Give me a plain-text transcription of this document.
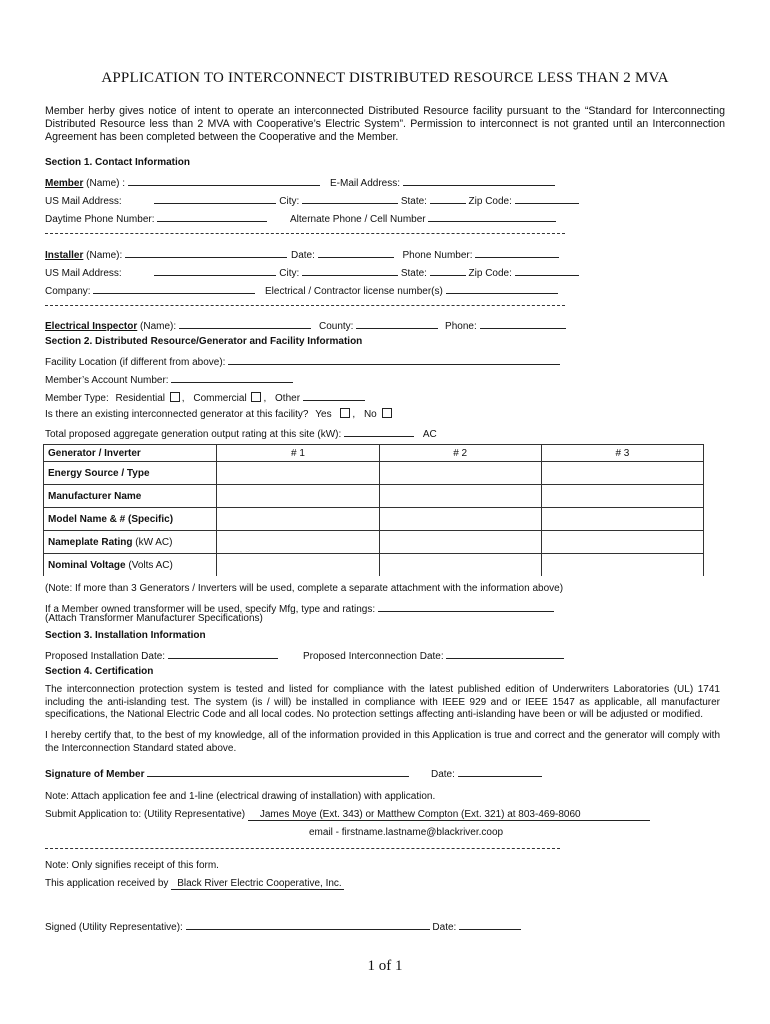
APPLICATION TO INTERCONNECT DISTRIBUTED RESOURCE LESS THAN 2 MVA
Member herby gives notice of intent to operate an interconnected Distributed Resource facility pursuant to the “Standard for Interconnecting Distributed Resource less than 2 MVA with Cooperative’s Electric System”. Permission to interconnect is not granted until an Interconnection Agreement has been completed between the Cooperative and the Member.
Section 1. Contact Information
Member (Name) :	E-Mail Address:
US Mail Address:	City:	State:	Zip Code:
Daytime Phone Number:	Alternate Phone / Cell Number
Installer (Name):	Date:	Phone Number:
US Mail Address:	City:	State:	Zip Code:
Company:	Electrical / Contractor license number(s)
Electrical Inspector (Name):	County:	Phone:
Section 2. Distributed Resource/Generator and Facility Information
Facility Location (if different from above):
Member’s Account Number:
Member Type: Residential , Commercial , Other
Is there an existing interconnected generator at this facility? Yes , No
Total proposed aggregate generation output rating at this site (kW):	AC
Generator / Inverter	# 1	# 2	# 3
Energy Source / Type			
Manufacturer Name			
Model Name & # (Specific)			
Nameplate Rating (kW AC)			
Nominal Voltage (Volts AC)			
(Note: If more than 3 Generators / Inverters will be used, complete a separate attachment with the information above)
If a Member owned transformer will be used, specify Mfg, type and ratings:
(Attach Transformer Manufacturer Specifications)
Section 3. Installation Information
Proposed Installation Date:	Proposed Interconnection Date:
Section 4. Certification
The interconnection protection system is tested and listed for compliance with the latest published edition of Underwriters Laboratories (UL) 1741 including the anti-islanding test. The system (is / will) be installed in compliance with IEEE 929 and or IEEE 1547 as applicable, all manufacturer specifications, the National Electric Code and all local codes. No protection settings affecting anti-islanding have been or will be adjusted or modified.
I hereby certify that, to the best of my knowledge, all of the information provided in this Application is true and correct and the generator will comply with the Interconnection Standard stated above.
Signature of Member	Date:
Note: Attach application fee and 1-line (electrical drawing of installation) with application.
Submit Application to: (Utility Representative) James Moye (Ext. 343) or Matthew Compton (Ext. 321) at 803-469-8060
email - firstname.lastname@blackriver.coop
Note: Only signifies receipt of this form.
This application received by Black River Electric Cooperative, Inc.
Signed (Utility Representative):	Date:
1 of 1
